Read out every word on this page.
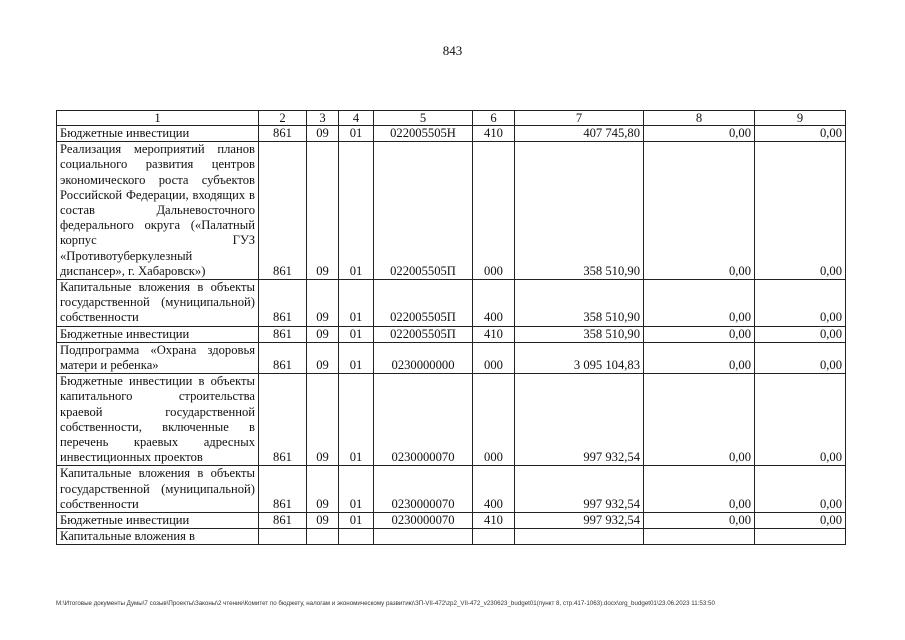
843
1	2	3	4	5	6	7	8	9
Бюджетные инвестиции	861	09	01	022005505Н	410	407 745,80	0,00	0,00
Реализация мероприятий планов социального развития центров экономического роста субъектов Российской Федерации, входящих в состав Дальневосточного федерального округа («Палатный корпус ГУЗ «Противотуберкулезный диспансер», г. Хабаровск»)	861	09	01	022005505П	000	358 510,90	0,00	0,00
Капитальные вложения в объекты государственной (муниципальной) собственности	861	09	01	022005505П	400	358 510,90	0,00	0,00
Бюджетные инвестиции	861	09	01	022005505П	410	358 510,90	0,00	0,00
Подпрограмма «Охрана здоровья матери и ребенка»	861	09	01	0230000000	000	3 095 104,83	0,00	0,00
Бюджетные инвестиции в объекты капитального строительства краевой государственной собственности, включенные в перечень краевых адресных инвестиционных проектов	861	09	01	0230000070	000	997 932,54	0,00	0,00
Капитальные вложения в объекты государственной (муниципальной) собственности	861	09	01	0230000070	400	997 932,54	0,00	0,00
Бюджетные инвестиции	861	09	01	0230000070	410	997 932,54	0,00	0,00
Капитальные вложения в								
M:\Итоговые документы Думы\7 созыв\Проекты\Законы\2 чтение\Комитет по бюджету, налогам и экономическому развитию\ЗП-VII-472\zp2_VII-472_v230623_budget01(пункт 8, стр.417-1063).docx\org_budget01\23.06.2023 11:53:50
